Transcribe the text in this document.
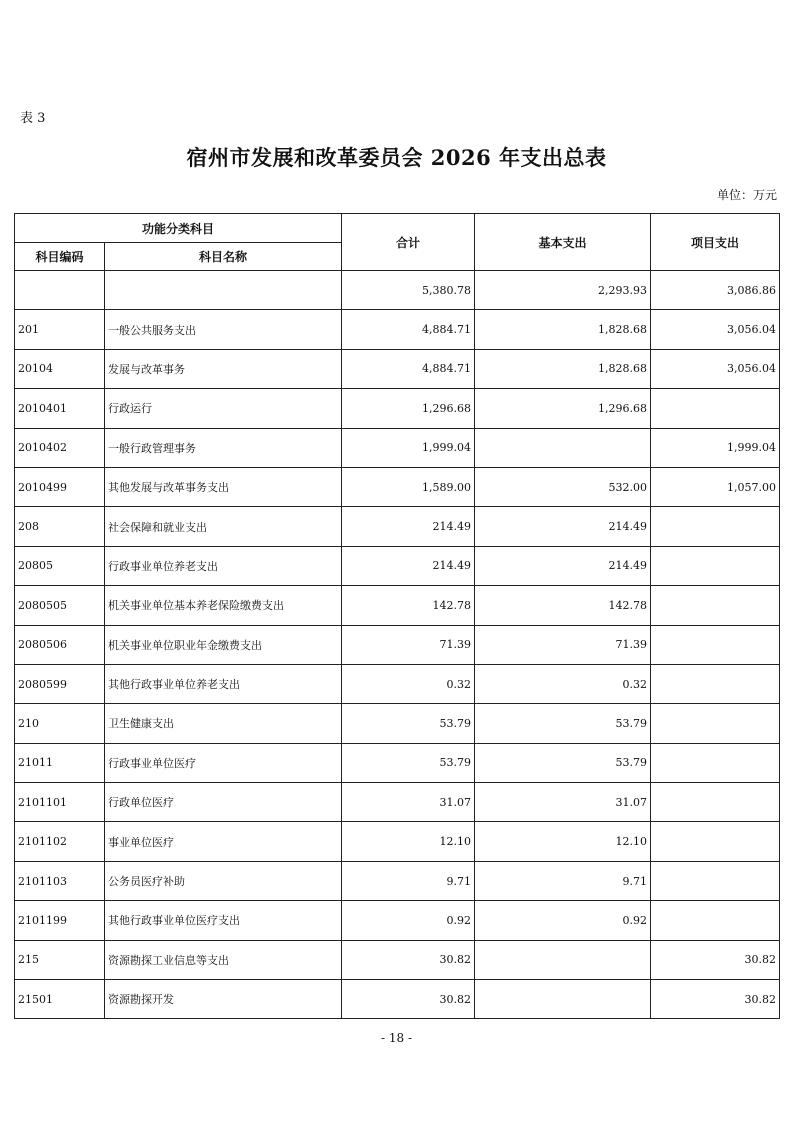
表 3
宿州市发展和改革委员会 2026 年支出总表
单位：万元
功能分类科目		合计	基本支出	项目支出
科目编码	科目名称			
		5,380.78	2,293.93	3,086.86
201	一般公共服务支出	4,884.71	1,828.68	3,056.04
20104	发展与改革事务	4,884.71	1,828.68	3,056.04
2010401	行政运行	1,296.68	1,296.68	
2010402	一般行政管理事务	1,999.04		1,999.04
2010499	其他发展与改革事务支出	1,589.00	532.00	1,057.00
208	社会保障和就业支出	214.49	214.49	
20805	行政事业单位养老支出	214.49	214.49	
2080505	机关事业单位基本养老保险缴费支出	142.78	142.78	
2080506	机关事业单位职业年金缴费支出	71.39	71.39	
2080599	其他行政事业单位养老支出	0.32	0.32	
210	卫生健康支出	53.79	53.79	
21011	行政事业单位医疗	53.79	53.79	
2101101	行政单位医疗	31.07	31.07	
2101102	事业单位医疗	12.10	12.10	
2101103	公务员医疗补助	9.71	9.71	
2101199	其他行政事业单位医疗支出	0.92	0.92	
215	资源勘探工业信息等支出	30.82		30.82
21501	资源勘探开发	30.82		30.82
- 18 -
